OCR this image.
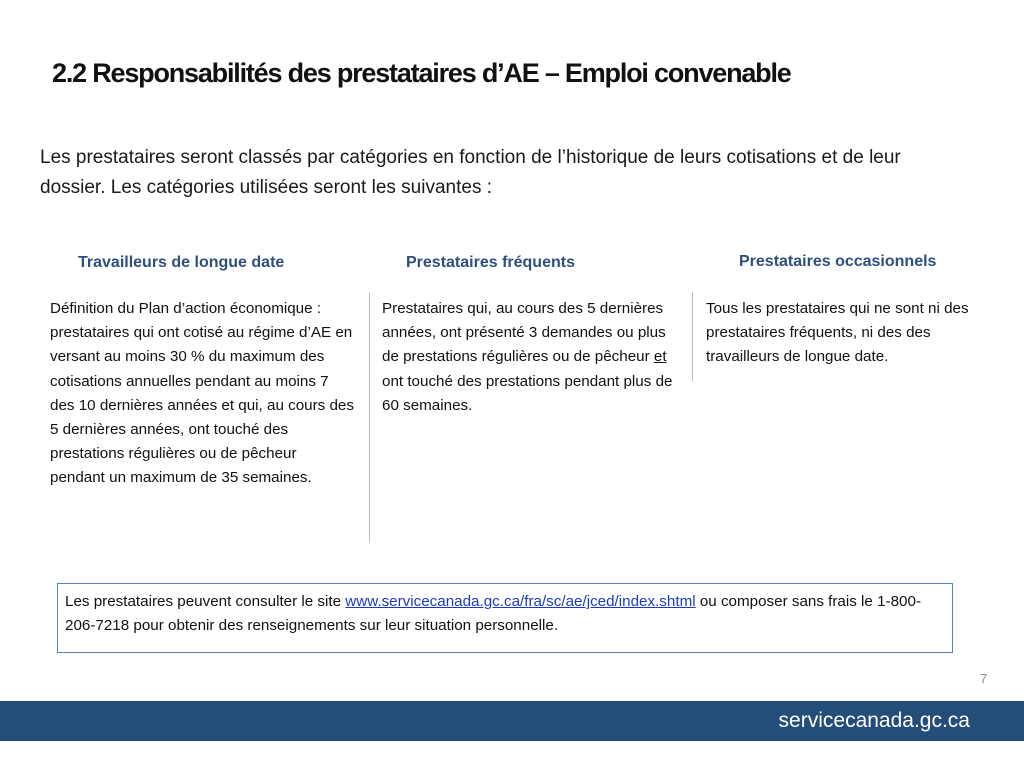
2.2 Responsabilités des prestataires d’AE – Emploi convenable
Les prestataires seront classés par catégories en fonction de l’historique de leurs cotisations et de leur dossier. Les catégories utilisées seront les suivantes :
Travailleurs de longue date
Définition du Plan d’action économique : prestataires qui ont cotisé au régime d’AE en versant au moins 30 % du maximum des cotisations annuelles pendant au moins 7 des 10 dernières années et qui, au cours des 5 dernières années, ont touché des prestations régulières ou de pêcheur pendant un maximum de 35 semaines.
Prestataires fréquents
Prestataires qui, au cours des 5 dernières années, ont présenté 3 demandes ou plus de prestations régulières ou de pêcheur et ont touché des prestations pendant plus de 60 semaines.
Prestataires occasionnels
Tous les prestataires qui ne sont ni des prestataires fréquents, ni des des travailleurs de longue date.
Les prestataires peuvent consulter le site www.servicecanada.gc.ca/fra/sc/ae/jced/index.shtml ou composer sans frais le 1-800-206-7218 pour obtenir des renseignements sur leur situation personnelle.
7
servicecanada.gc.ca
